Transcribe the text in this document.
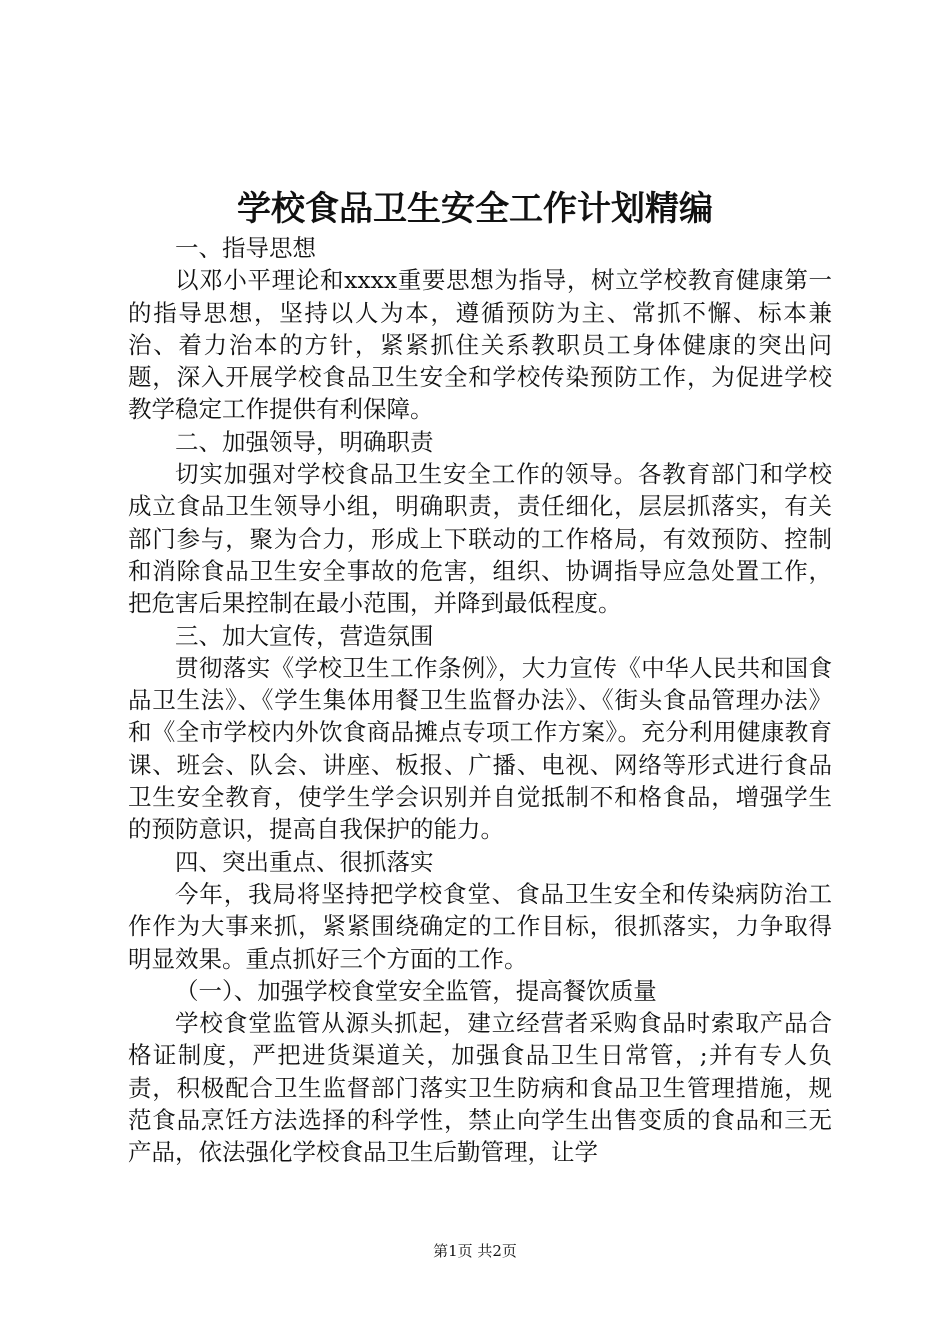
学校食品卫生安全工作计划精编

一、指导思想

以邓小平理论和xxxx重要思想为指导，树立学校教育健康第一的指导思想，坚持以人为本，遵循预防为主、常抓不懈、标本兼治、着力治本的方针，紧紧抓住关系教职员工身体健康的突出问题，深入开展学校食品卫生安全和学校传染预防工作，为促进学校教学稳定工作提供有利保障。

二、加强领导，明确职责

切实加强对学校食品卫生安全工作的领导。各教育部门和学校成立食品卫生领导小组，明确职责，责任细化，层层抓落实，有关部门参与，聚为合力，形成上下联动的工作格局，有效预防、控制和消除食品卫生安全事故的危害，组织、协调指导应急处置工作，把危害后果控制在最小范围，并降到最低程度。

三、加大宣传，营造氛围

贯彻落实《学校卫生工作条例》，大力宣传《中华人民共和国食品卫生法》、《学生集体用餐卫生监督办法》、《街头食品管理办法》和《全市学校内外饮食商品摊点专项工作方案》。充分利用健康教育课、班会、队会、讲座、板报、广播、电视、网络等形式进行食品卫生安全教育，使学生学会识别并自觉抵制不和格食品，增强学生的预防意识，提高自我保护的能力。

四、突出重点、很抓落实

今年，我局将坚持把学校食堂、食品卫生安全和传染病防治工作作为大事来抓，紧紧围绕确定的工作目标，很抓落实，力争取得明显效果。重点抓好三个方面的工作。

（一）、加强学校食堂安全监管，提高餐饮质量

学校食堂监管从源头抓起，建立经营者采购食品时索取产品合格证制度，严把进货渠道关，加强食品卫生日常管，;并有专人负责，积极配合卫生监督部门落实卫生防病和食品卫生管理措施，规范食品烹饪方法选择的科学性，禁止向学生出售变质的食品和三无产品，依法强化学校食品卫生后勤管理，让学

第1页 共2页
